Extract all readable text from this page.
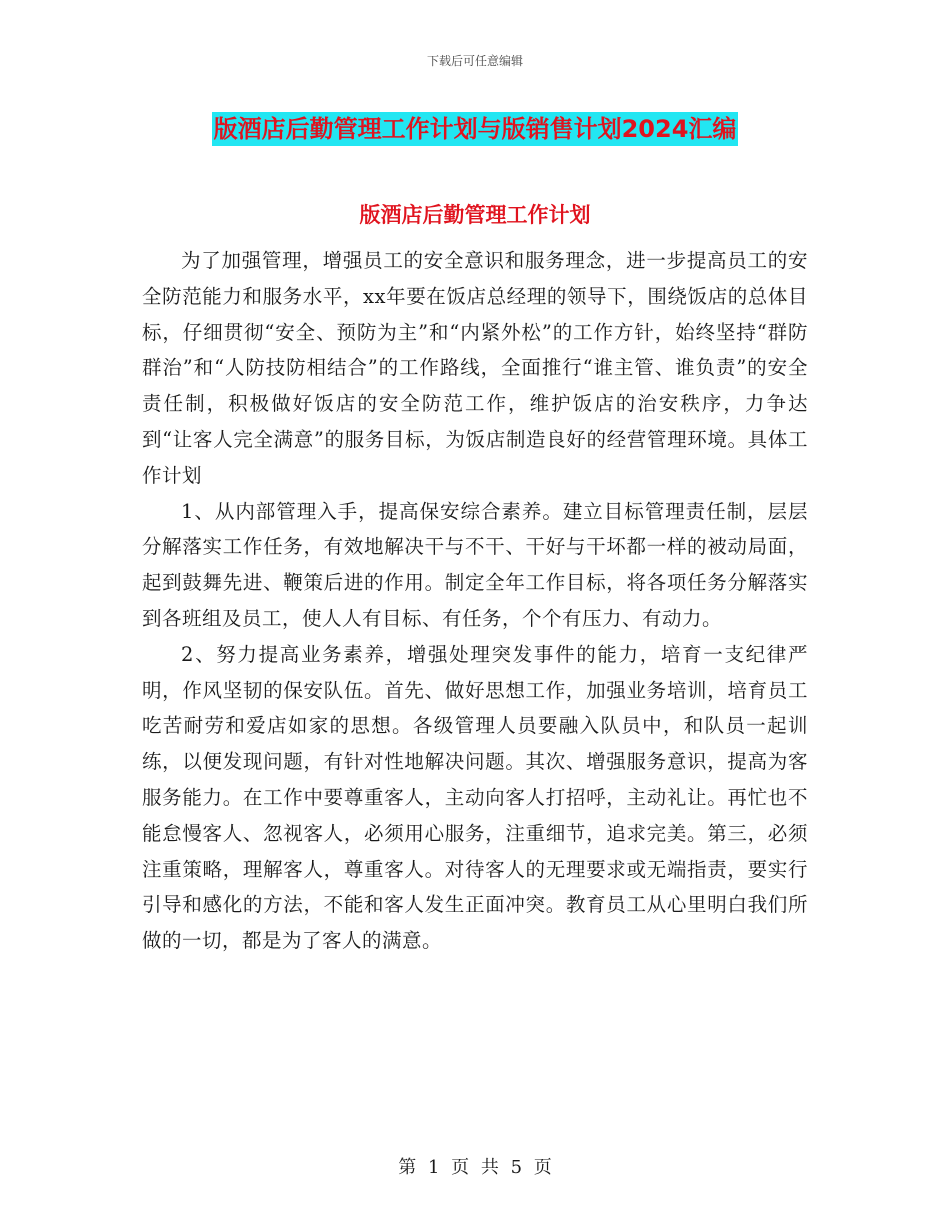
下载后可任意编辑
版酒店后勤管理工作计划与版销售计划2024汇编
版酒店后勤管理工作计划

为了加强管理，增强员工的安全意识和服务理念，进一步提高员工的安全防范能力和服务水平，xx年要在饭店总经理的领导下，围绕饭店的总体目标，仔细贯彻“安全、预防为主”和“内紧外松”的工作方针，始终坚持“群防群治”和“人防技防相结合”的工作路线，全面推行“谁主管、谁负责”的安全责任制，积极做好饭店的安全防范工作，维护饭店的治安秩序，力争达到“让客人完全满意”的服务目标，为饭店制造良好的经营管理环境。具体工作计划

1、从内部管理入手，提高保安综合素养。建立目标管理责任制，层层分解落实工作任务，有效地解决干与不干、干好与干坏都一样的被动局面，起到鼓舞先进、鞭策后进的作用。制定全年工作目标，将各项任务分解落实到各班组及员工，使人人有目标、有任务，个个有压力、有动力。

2、努力提高业务素养，增强处理突发事件的能力，培育一支纪律严明，作风坚韧的保安队伍。首先、做好思想工作，加强业务培训，培育员工吃苦耐劳和爱店如家的思想。各级管理人员要融入队员中，和队员一起训练，以便发现问题，有针对性地解决问题。其次、增强服务意识，提高为客服务能力。在工作中要尊重客人，主动向客人打招呼，主动礼让。再忙也不能怠慢客人、忽视客人，必须用心服务，注重细节，追求完美。第三，必须注重策略，理解客人，尊重客人。对待客人的无理要求或无端指责，要实行引导和感化的方法，不能和客人发生正面冲突。教育员工从心里明白我们所做的一切，都是为了客人的满意。

第 1 页 共 5 页
